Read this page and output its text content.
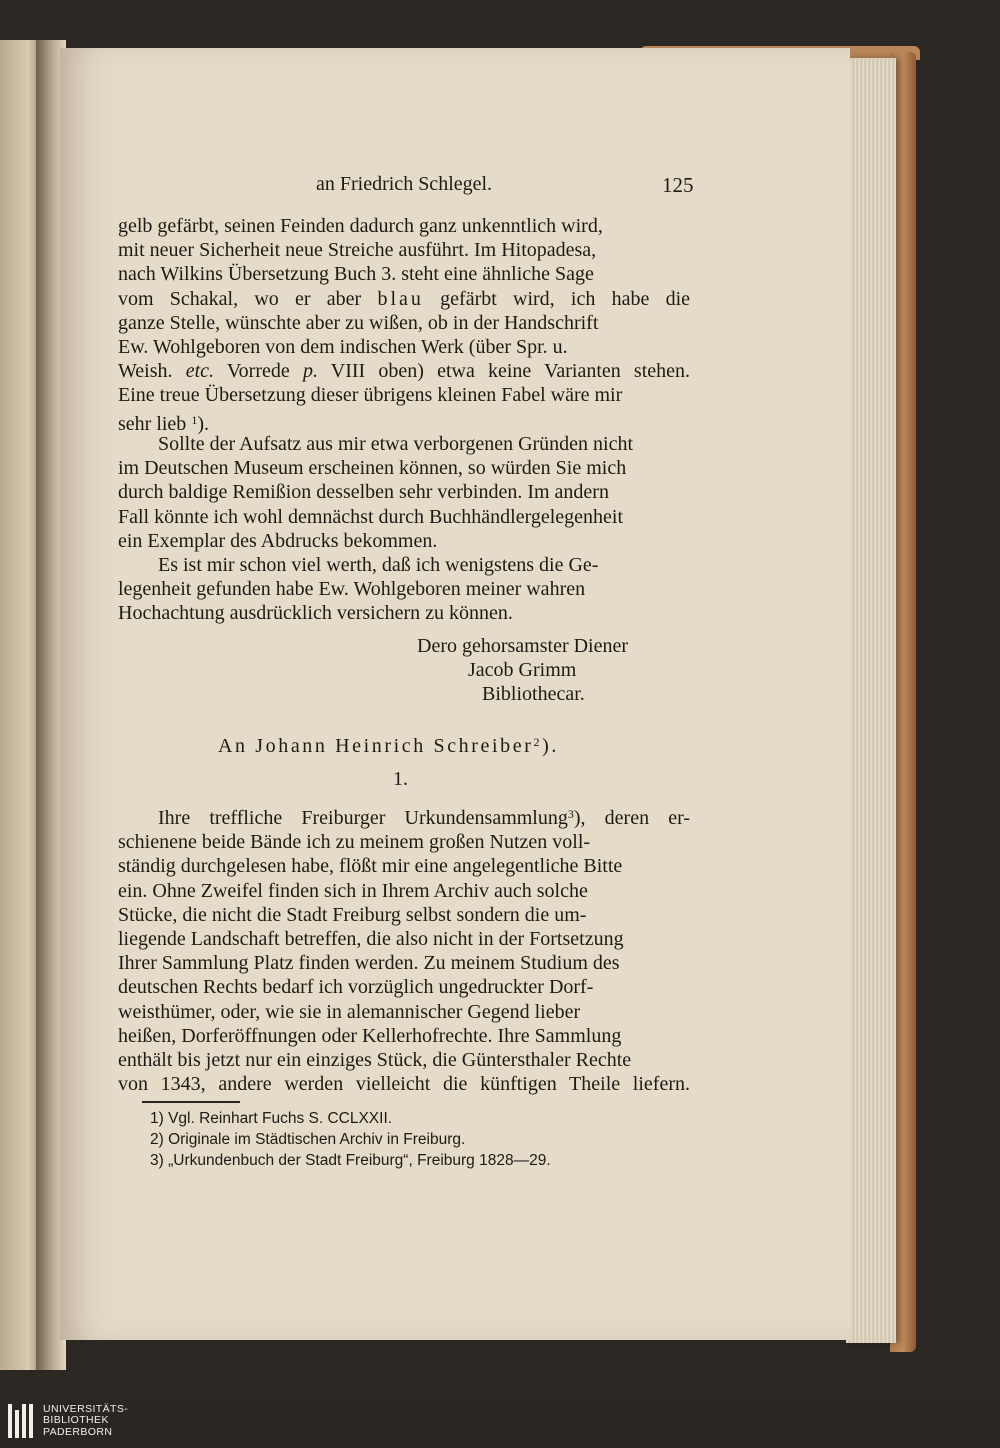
an Friedrich Schlegel.	125

gelb gefärbt, seinen Feinden dadurch ganz unkenntlich wird,

mit neuer Sicherheit neue Streiche ausführt. Im Hitopadesa,

nach Wilkins Übersetzung Buch 3. steht eine ähnliche Sage

vom Schakal, wo er aber blau gefärbt wird, ich habe die

ganze Stelle, wünschte aber zu wißen, ob in der Handschrift

Ew. Wohlgeboren von dem indischen Werk (über Spr. u.

Weish. etc. Vorrede p. VIII oben) etwa keine Varianten stehen.

Eine treue Übersetzung dieser übrigens kleinen Fabel wäre mir

sehr lieb $^1$).

Sollte der Aufsatz aus mir etwa verborgenen Gründen nicht

im Deutschen Museum erscheinen können, so würden Sie mich

durch baldige Remißion desselben sehr verbinden. Im andern

Fall könnte ich wohl demnächst durch Buchhändlergelegenheit

ein Exemplar des Abdrucks bekommen.

Es ist mir schon viel werth, daß ich wenigstens die Ge-

legenheit gefunden habe Ew. Wohlgeboren meiner wahren

Hochachtung ausdrücklich versichern zu können.

Dero gehorsamster Diener
Jacob Grimm
Bibliothecar.
An Johann Heinrich Schreiber$^2$).
1.

Ihre treffliche Freiburger Urkundensammlung$^3$), deren er-

schienene beide Bände ich zu meinem großen Nutzen voll-

ständig durchgelesen habe, flößt mir eine angelegentliche Bitte

ein. Ohne Zweifel finden sich in Ihrem Archiv auch solche

Stücke, die nicht die Stadt Freiburg selbst sondern die um-

liegende Landschaft betreffen, die also nicht in der Fortsetzung

Ihrer Sammlung Platz finden werden. Zu meinem Studium des

deutschen Rechts bedarf ich vorzüglich ungedruckter Dorf-

weisthümer, oder, wie sie in alemannischer Gegend lieber

heißen, Dorferöffnungen oder Kellerhofrechte. Ihre Sammlung

enthält bis jetzt nur ein einziges Stück, die Güntersthaler Rechte

von 1343, andere werden vielleicht die künftigen Theile liefern.

1) Vgl. Reinhart Fuchs S. CCLXXII.
2) Originale im Städtischen Archiv in Freiburg.
3) „Urkundenbuch der Stadt Freiburg“, Freiburg 1828—29.
UNIVERSITÄTS-
BIBLIOTHEK
PADERBORN
